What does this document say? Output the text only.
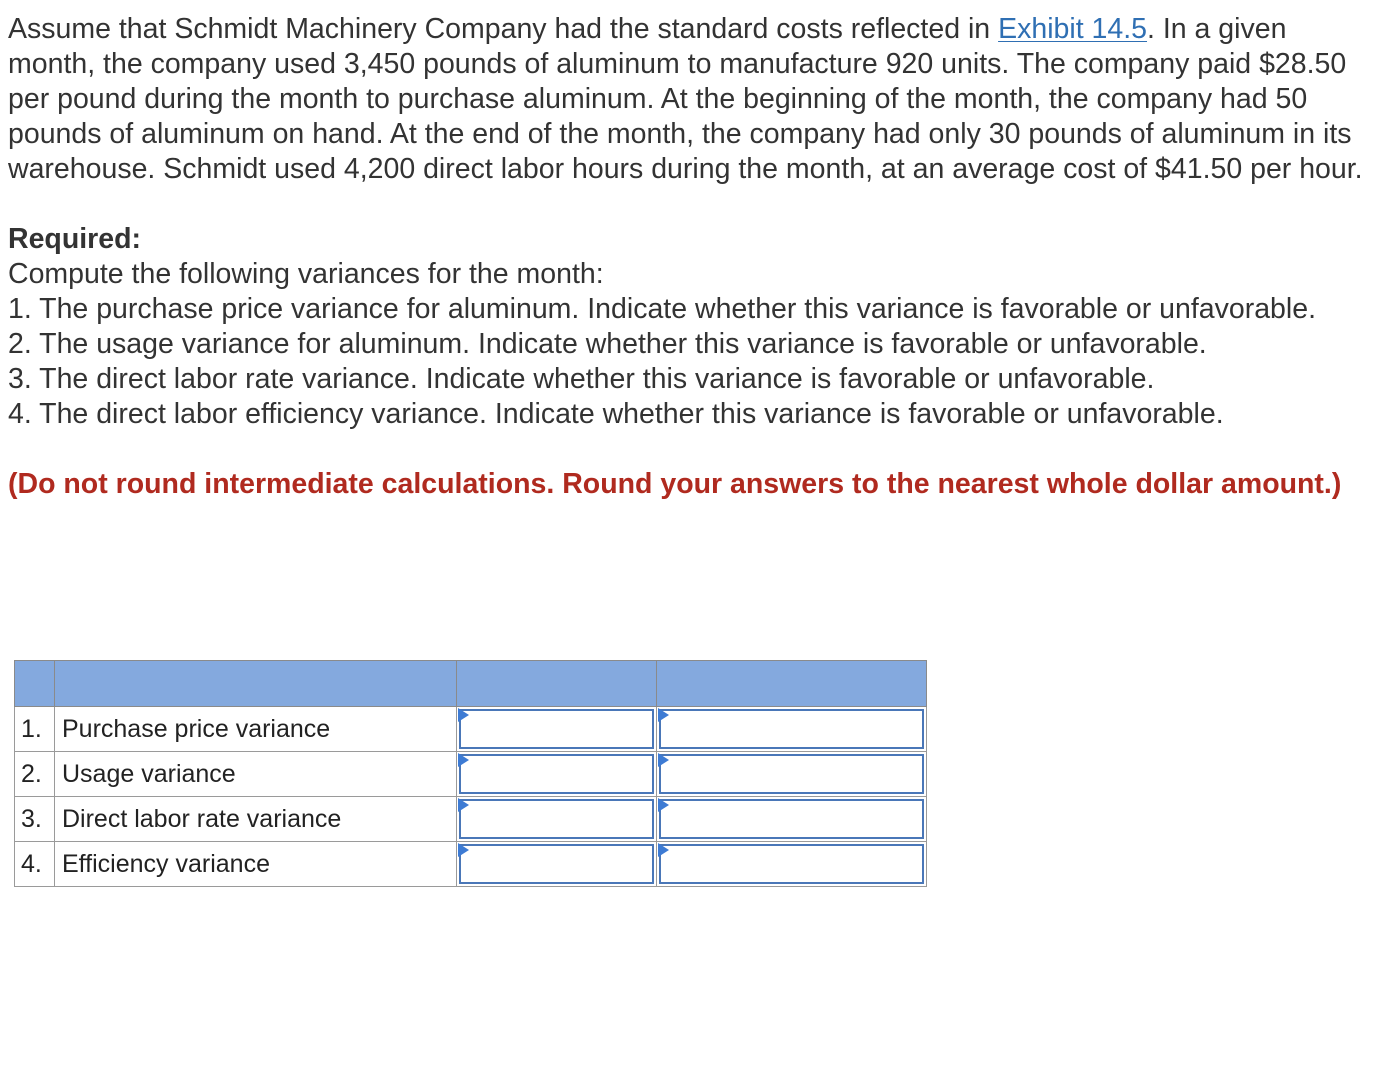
Assume that Schmidt Machinery Company had the standard costs reflected in Exhibit 14.5. In a given month, the company used 3,450 pounds of aluminum to manufacture 920 units. The company paid $28.50 per pound during the month to purchase aluminum. At the beginning of the month, the company had 50 pounds of aluminum on hand. At the end of the month, the company had only 30 pounds of aluminum in its warehouse. Schmidt used 4,200 direct labor hours during the month, at an average cost of $41.50 per hour.

Required:

Compute the following variances for the month:

1. The purchase price variance for aluminum. Indicate whether this variance is favorable or unfavorable.

2. The usage variance for aluminum. Indicate whether this variance is favorable or unfavorable.

3. The direct labor rate variance. Indicate whether this variance is favorable or unfavorable.

4. The direct labor efficiency variance. Indicate whether this variance is favorable or unfavorable.

(Do not round intermediate calculations. Round your answers to the nearest whole dollar amount.)

1.	Purchase price variance	

2.	Usage variance	

3.	Direct labor rate variance	

4.	Efficiency variance	
